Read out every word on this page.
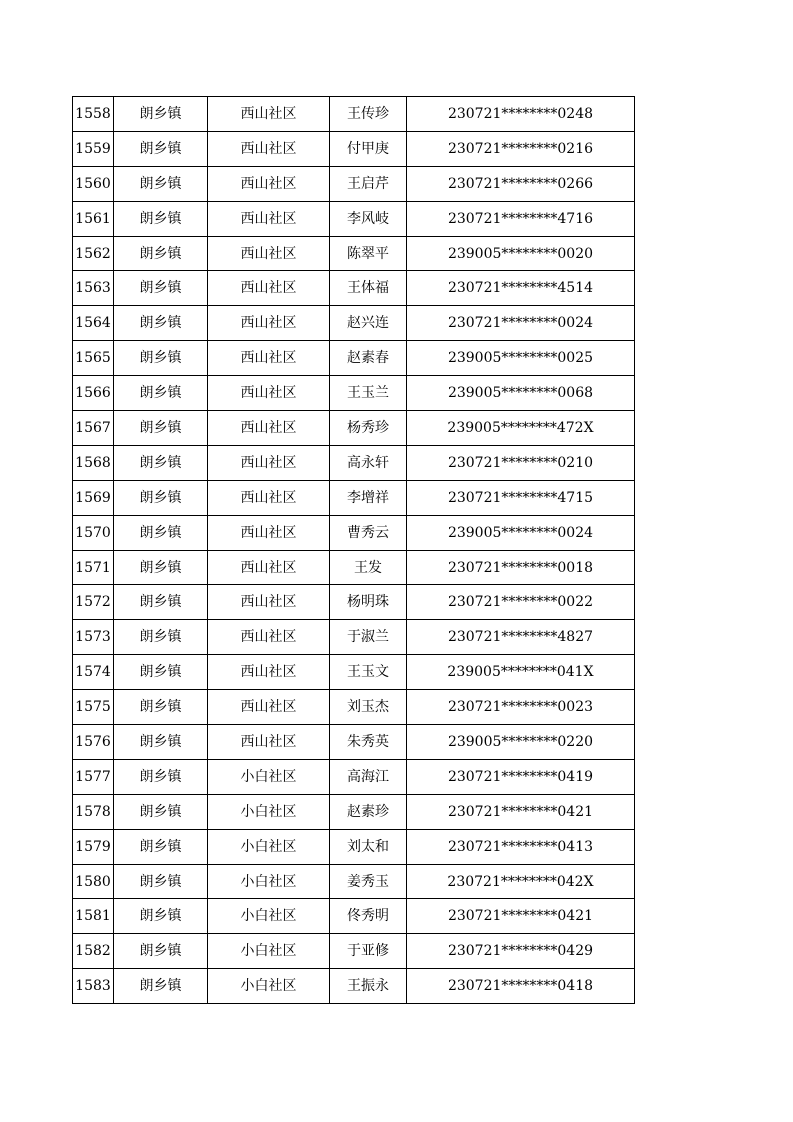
1558	朗乡镇	西山社区	王传珍	230721********0248
1559	朗乡镇	西山社区	付甲庚	230721********0216
1560	朗乡镇	西山社区	王启芹	230721********0266
1561	朗乡镇	西山社区	李风岐	230721********4716
1562	朗乡镇	西山社区	陈翠平	239005********0020
1563	朗乡镇	西山社区	王体福	230721********4514
1564	朗乡镇	西山社区	赵兴连	230721********0024
1565	朗乡镇	西山社区	赵素春	239005********0025
1566	朗乡镇	西山社区	王玉兰	239005********0068
1567	朗乡镇	西山社区	杨秀珍	239005********472X
1568	朗乡镇	西山社区	高永轩	230721********0210
1569	朗乡镇	西山社区	李增祥	230721********4715
1570	朗乡镇	西山社区	曹秀云	239005********0024
1571	朗乡镇	西山社区	王发	230721********0018
1572	朗乡镇	西山社区	杨明珠	230721********0022
1573	朗乡镇	西山社区	于淑兰	230721********4827
1574	朗乡镇	西山社区	王玉文	239005********041X
1575	朗乡镇	西山社区	刘玉杰	230721********0023
1576	朗乡镇	西山社区	朱秀英	239005********0220
1577	朗乡镇	小白社区	高海江	230721********0419
1578	朗乡镇	小白社区	赵素珍	230721********0421
1579	朗乡镇	小白社区	刘太和	230721********0413
1580	朗乡镇	小白社区	姜秀玉	230721********042X
1581	朗乡镇	小白社区	佟秀明	230721********0421
1582	朗乡镇	小白社区	于亚修	230721********0429
1583	朗乡镇	小白社区	王振永	230721********0418
